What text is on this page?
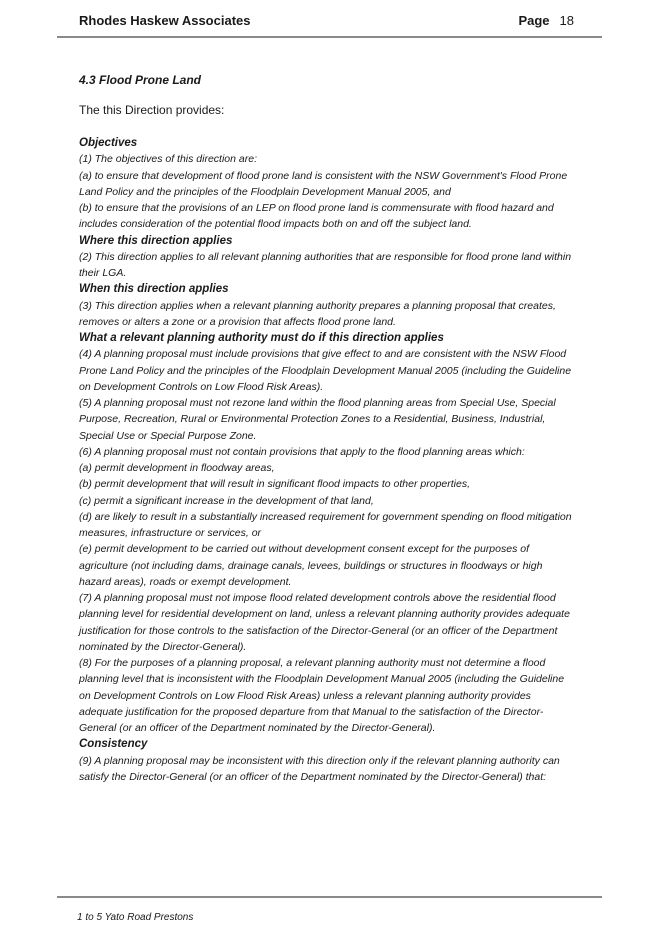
Rhodes Haskew Associates	Page 18
4.3 Flood Prone Land
The this Direction provides:

Objectives

(1) The objectives of this direction are:

(a) to ensure that development of flood prone land is consistent with the NSW Government's Flood Prone Land Policy and the principles of the Floodplain Development Manual 2005, and

(b) to ensure that the provisions of an LEP on flood prone land is commensurate with flood hazard and includes consideration of the potential flood impacts both on and off the subject land.

Where this direction applies

(2) This direction applies to all relevant planning authorities that are responsible for flood prone land within their LGA.

When this direction applies

(3) This direction applies when a relevant planning authority prepares a planning proposal that creates, removes or alters a zone or a provision that affects flood prone land.

What a relevant planning authority must do if this direction applies

(4) A planning proposal must include provisions that give effect to and are consistent with the NSW Flood Prone Land Policy and the principles of the Floodplain Development Manual 2005 (including the Guideline on Development Controls on Low Flood Risk Areas).

(5) A planning proposal must not rezone land within the flood planning areas from Special Use, Special Purpose, Recreation, Rural or Environmental Protection Zones to a Residential, Business, Industrial, Special Use or Special Purpose Zone.

(6) A planning proposal must not contain provisions that apply to the flood planning areas which:

(a) permit development in floodway areas,

(b) permit development that will result in significant flood impacts to other properties,

(c) permit a significant increase in the development of that land,

(d) are likely to result in a substantially increased requirement for government spending on flood mitigation measures, infrastructure or services, or

(e) permit development to be carried out without development consent except for the purposes of agriculture (not including dams, drainage canals, levees, buildings or structures in floodways or high hazard areas), roads or exempt development.

(7) A planning proposal must not impose flood related development controls above the residential flood planning level for residential development on land, unless a relevant planning authority provides adequate justification for those controls to the satisfaction of the Director-General (or an officer of the Department nominated by the Director-General).

(8) For the purposes of a planning proposal, a relevant planning authority must not determine a flood planning level that is inconsistent with the Floodplain Development Manual 2005 (including the Guideline on Development Controls on Low Flood Risk Areas) unless a relevant planning authority provides adequate justification for the proposed departure from that Manual to the satisfaction of the Director-General (or an officer of the Department nominated by the Director-General).

Consistency

(9) A planning proposal may be inconsistent with this direction only if the relevant planning authority can satisfy the Director-General (or an officer of the Department nominated by the Director-General) that:

1 to 5 Yato Road Prestons
